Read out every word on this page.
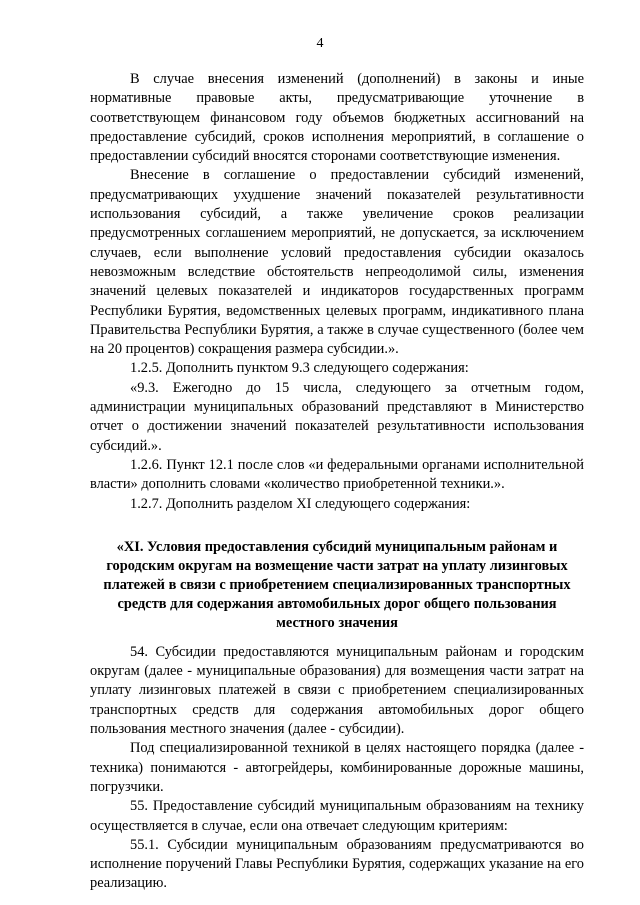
4

В случае внесения изменений (дополнений) в законы и иные нормативные правовые акты, предусматривающие уточнение в соответствующем финансовом году объемов бюджетных ассигнований на предоставление субсидий, сроков исполнения мероприятий, в соглашение о предоставлении субсидий вносятся сторонами соответствующие изменения.

Внесение в соглашение о предоставлении субсидий изменений, предусматривающих ухудшение значений показателей результативности использования субсидий, а также увеличение сроков реализации предусмотренных соглашением мероприятий, не допускается, за исключением случаев, если выполнение условий предоставления субсидии оказалось невозможным вследствие обстоятельств непреодолимой силы, изменения значений целевых показателей и индикаторов государственных программ Республики Бурятия, ведомственных целевых программ, индикативного плана Правительства Республики Бурятия, а также в случае существенного (более чем на 20 процентов) сокращения размера субсидии.».

1.2.5. Дополнить пунктом 9.3 следующего содержания:

«9.3. Ежегодно до 15 числа, следующего за отчетным годом, администрации муниципальных образований представляют в Министерство отчет о достижении значений показателей результативности использования субсидий.».

1.2.6. Пункт 12.1 после слов «и федеральными органами исполнительной власти» дополнить словами «количество приобретенной техники.».

1.2.7. Дополнить разделом XI следующего содержания:

«XI. Условия предоставления субсидий муниципальным районам и городским округам на возмещение части затрат на уплату лизинговых платежей в связи с приобретением специализированных транспортных средств для содержания автомобильных дорог общего пользования местного значения

54. Субсидии предоставляются муниципальным районам и городским округам (далее - муниципальные образования) для возмещения части затрат на уплату лизинговых платежей в связи с приобретением специализированных транспортных средств для содержания автомобильных дорог общего пользования местного значения (далее - субсидии).

Под специализированной техникой в целях настоящего порядка (далее - техника) понимаются - автогрейдеры, комбинированные дорожные машины, погрузчики.

55. Предоставление субсидий муниципальным образованиям на технику осуществляется в случае, если она отвечает следующим критериям:

55.1. Субсидии муниципальным образованиям предусматриваются во исполнение поручений Главы Республики Бурятия, содержащих указание на его реализацию.
